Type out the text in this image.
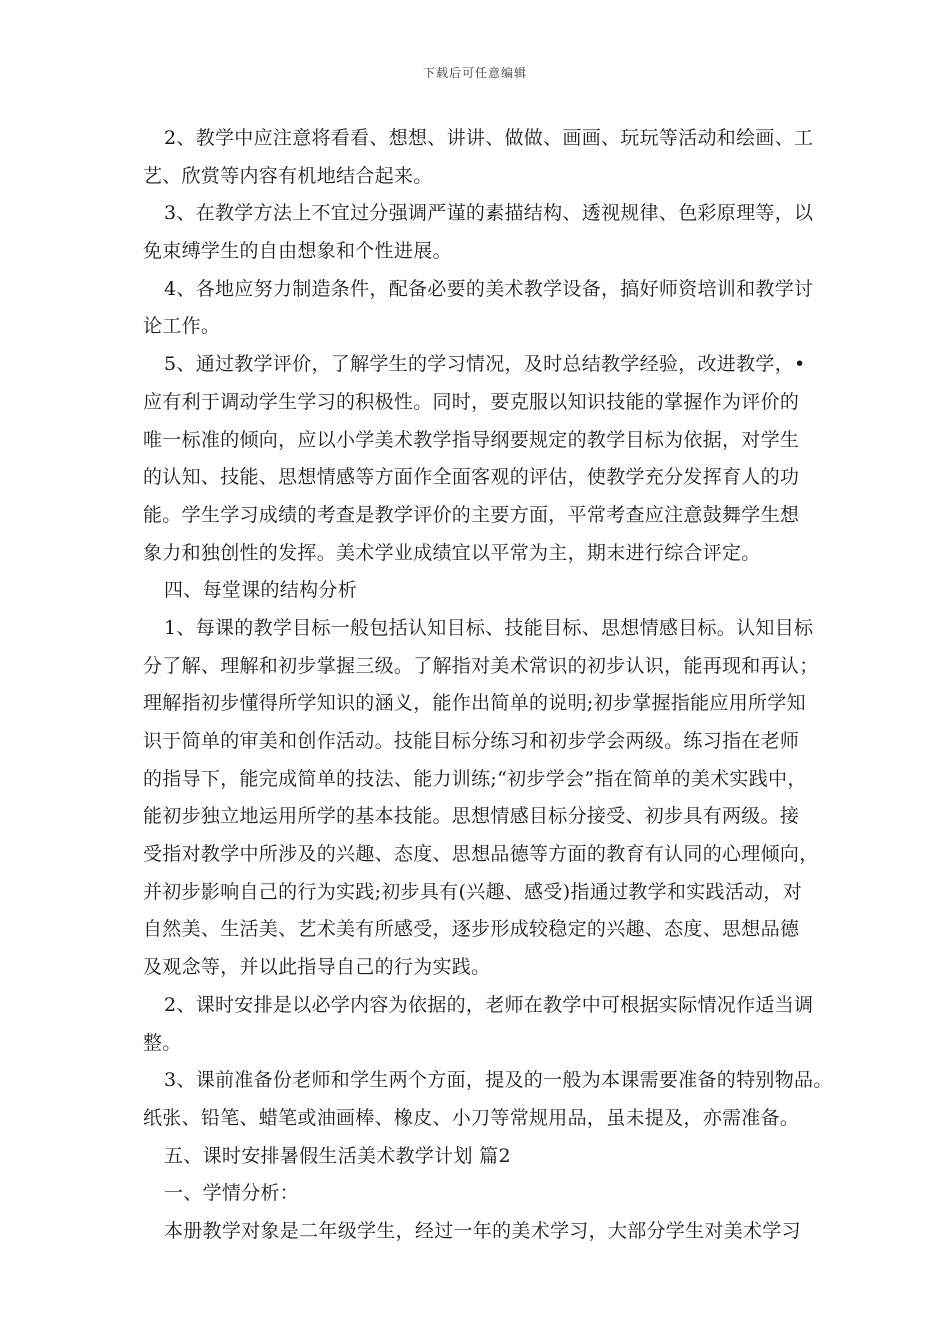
下载后可任意编辑
2、教学中应注意将看看、想想、讲讲、做做、画画、玩玩等活动和绘画、工
艺、欣赏等内容有机地结合起来。
3、在教学方法上不宜过分强调严谨的素描结构、透视规律、色彩原理等，以
免束缚学生的自由想象和个性进展。
4、各地应努力制造条件，配备必要的美术教学设备，搞好师资培训和教学讨
论工作。
5、通过教学评价，了解学生的学习情况，及时总结教学经验，改进教学，•
应有利于调动学生学习的积极性。同时，要克服以知识技能的掌握作为评价的
唯一标准的倾向，应以小学美术教学指导纲要规定的教学目标为依据，对学生
的认知、技能、思想情感等方面作全面客观的评估，使教学充分发挥育人的功
能。学生学习成绩的考查是教学评价的主要方面，平常考查应注意鼓舞学生想
象力和独创性的发挥。美术学业成绩宜以平常为主，期末进行综合评定。
四、每堂课的结构分析
1、每课的教学目标一般包括认知目标、技能目标、思想情感目标。认知目标
分了解、理解和初步掌握三级。了解指对美术常识的初步认识，能再现和再认；
理解指初步懂得所学知识的涵义，能作出简单的说明;初步掌握指能应用所学知
识于简单的审美和创作活动。技能目标分练习和初步学会两级。练习指在老师
的指导下，能完成简单的技法、能力训练;“初步学会”指在简单的美术实践中，
能初步独立地运用所学的基本技能。思想情感目标分接受、初步具有两级。接
受指对教学中所涉及的兴趣、态度、思想品德等方面的教育有认同的心理倾向，
并初步影响自己的行为实践;初步具有(兴趣、感受)指通过教学和实践活动，对
自然美、生活美、艺术美有所感受，逐步形成较稳定的兴趣、态度、思想品德
及观念等，并以此指导自己的行为实践。
2、课时安排是以必学内容为依据的，老师在教学中可根据实际情况作适当调
整。
3、课前准备份老师和学生两个方面，提及的一般为本课需要准备的特别物品。
纸张、铅笔、蜡笔或油画棒、橡皮、小刀等常规用品，虽未提及，亦需准备。
五、课时安排暑假生活美术教学计划 篇2
一、学情分析：
本册教学对象是二年级学生，经过一年的美术学习，大部分学生对美术学习
